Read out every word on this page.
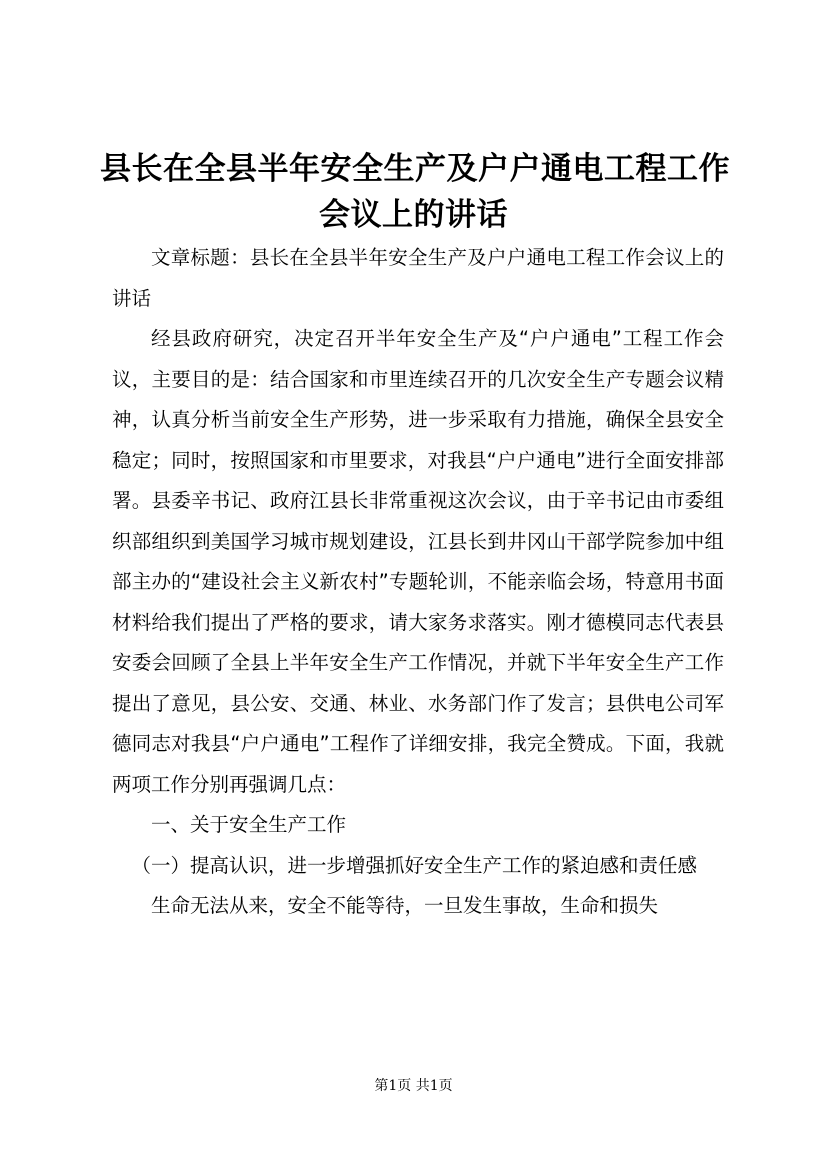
县长在全县半年安全生产及户户通电工程工作
会议上的讲话

文章标题：县长在全县半年安全生产及户户通电工程工作会议上的讲话

经县政府研究，决定召开半年安全生产及“户户通电”工程工作会议，主要目的是：结合国家和市里连续召开的几次安全生产专题会议精神，认真分析当前安全生产形势，进一步采取有力措施，确保全县安全稳定；同时，按照国家和市里要求，对我县“户户通电”进行全面安排部署。县委辛书记、政府江县长非常重视这次会议，由于辛书记由市委组织部组织到美国学习城市规划建设，江县长到井冈山干部学院参加中组部主办的“建设社会主义新农村”专题轮训，不能亲临会场，特意用书面材料给我们提出了严格的要求，请大家务求落实。刚才德模同志代表县安委会回顾了全县上半年安全生产工作情况，并就下半年安全生产工作提出了意见，县公安、交通、林业、水务部门作了发言；县供电公司军德同志对我县“户户通电”工程作了详细安排，我完全赞成。下面，我就两项工作分别再强调几点：

一、关于安全生产工作

（一）提高认识，进一步增强抓好安全生产工作的紧迫感和责任感

生命无法从来，安全不能等待，一旦发生事故，生命和损失

第1页 共1页
